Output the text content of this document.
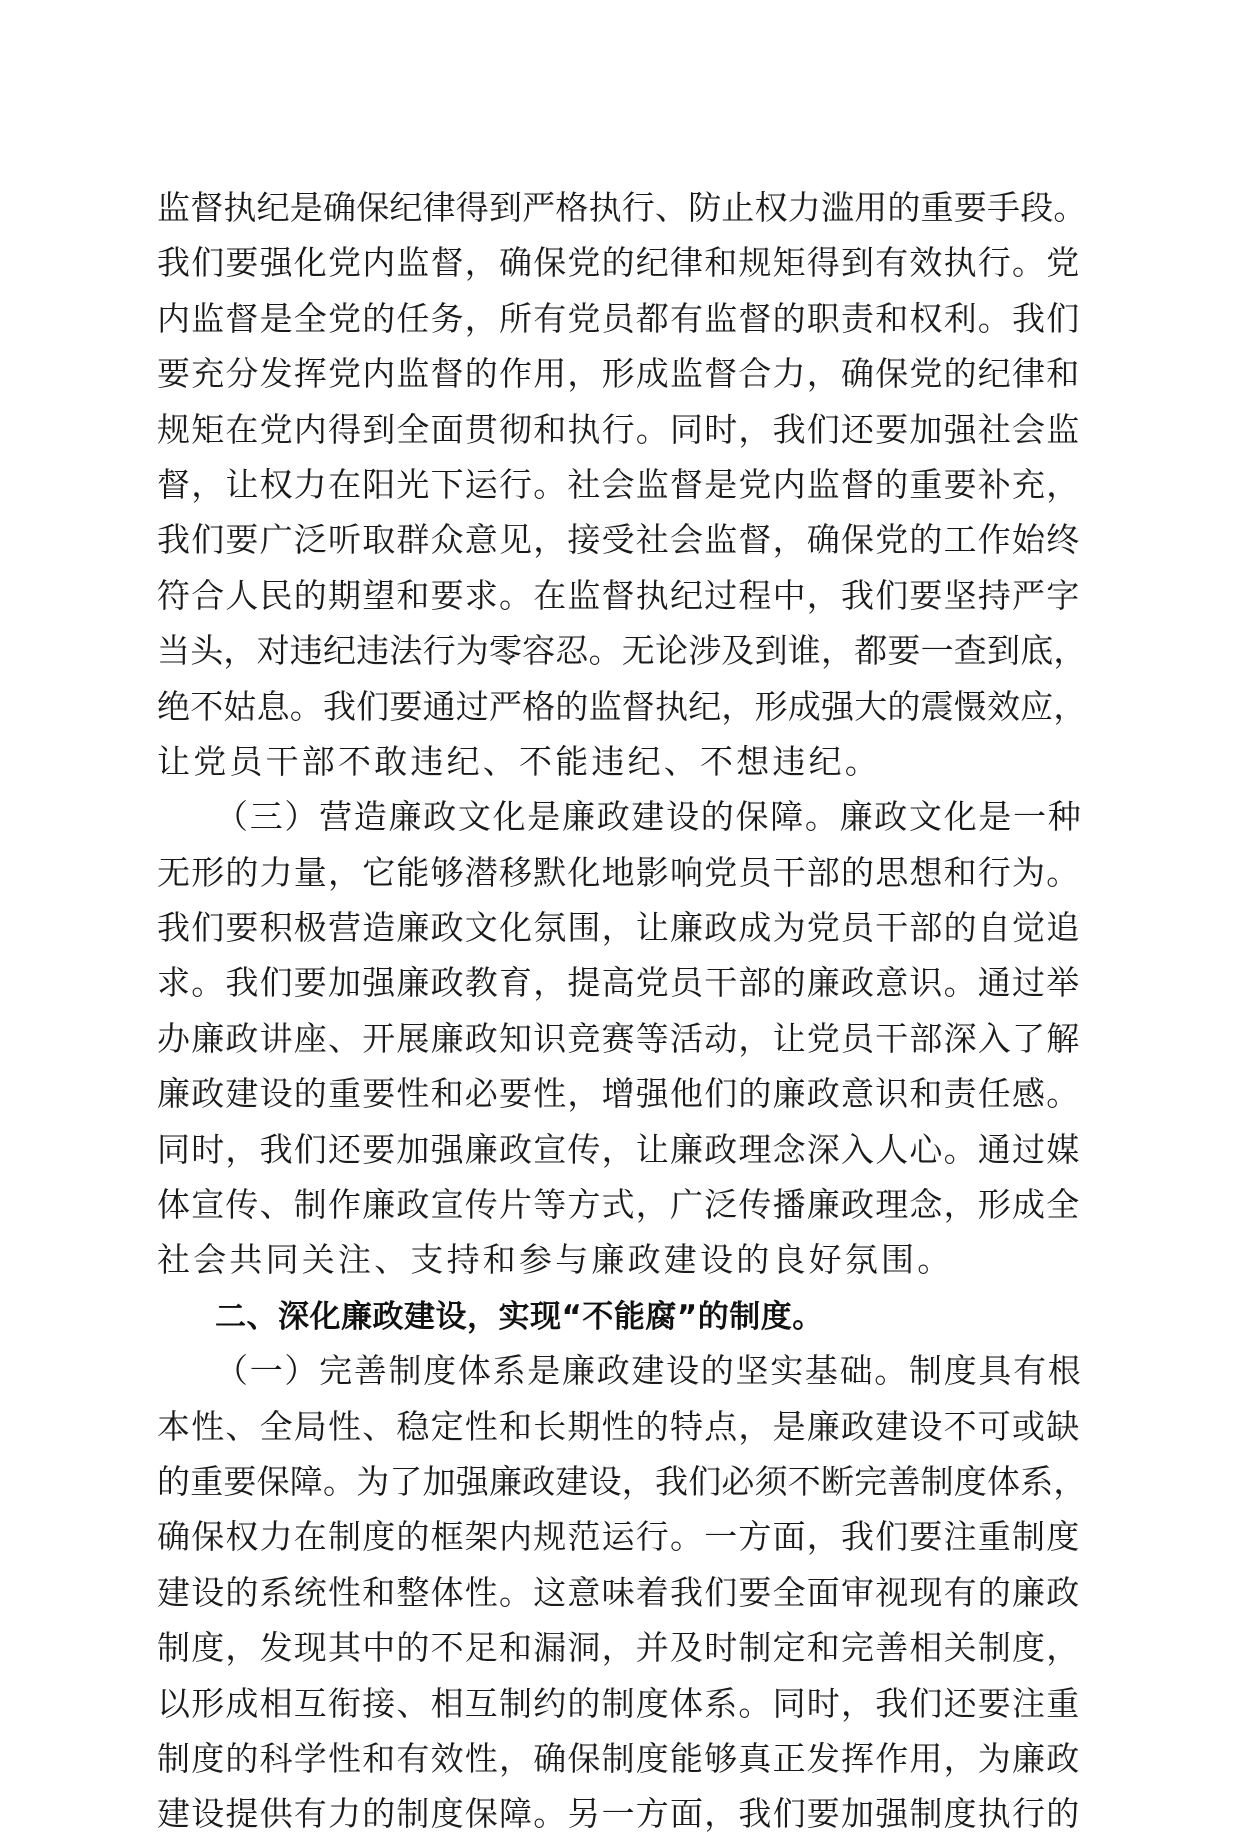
监督执纪是确保纪律得到严格执行、防止权力滥用的重要手段。
我们要强化党内监督，确保党的纪律和规矩得到有效执行。党
内监督是全党的任务，所有党员都有监督的职责和权利。我们
要充分发挥党内监督的作用，形成监督合力，确保党的纪律和
规矩在党内得到全面贯彻和执行。同时，我们还要加强社会监
督，让权力在阳光下运行。社会监督是党内监督的重要补充，
我们要广泛听取群众意见，接受社会监督，确保党的工作始终
符合人民的期望和要求。在监督执纪过程中，我们要坚持严字
当头，对违纪违法行为零容忍。无论涉及到谁，都要一查到底，
绝不姑息。我们要通过严格的监督执纪，形成强大的震慑效应，
让党员干部不敢违纪、不能违纪、不想违纪。
（三）营造廉政文化是廉政建设的保障。廉政文化是一种
无形的力量，它能够潜移默化地影响党员干部的思想和行为。
我们要积极营造廉政文化氛围，让廉政成为党员干部的自觉追
求。我们要加强廉政教育，提高党员干部的廉政意识。通过举
办廉政讲座、开展廉政知识竞赛等活动，让党员干部深入了解
廉政建设的重要性和必要性，增强他们的廉政意识和责任感。
同时，我们还要加强廉政宣传，让廉政理念深入人心。通过媒
体宣传、制作廉政宣传片等方式，广泛传播廉政理念，形成全
社会共同关注、支持和参与廉政建设的良好氛围。
二、深化廉政建设，实现“不能腐”的制度。
（一）完善制度体系是廉政建设的坚实基础。制度具有根
本性、全局性、稳定性和长期性的特点，是廉政建设不可或缺
的重要保障。为了加强廉政建设，我们必须不断完善制度体系，
确保权力在制度的框架内规范运行。一方面，我们要注重制度
建设的系统性和整体性。这意味着我们要全面审视现有的廉政
制度，发现其中的不足和漏洞，并及时制定和完善相关制度，
以形成相互衔接、相互制约的制度体系。同时，我们还要注重
制度的科学性和有效性，确保制度能够真正发挥作用，为廉政
建设提供有力的制度保障。另一方面，我们要加强制度执行的
